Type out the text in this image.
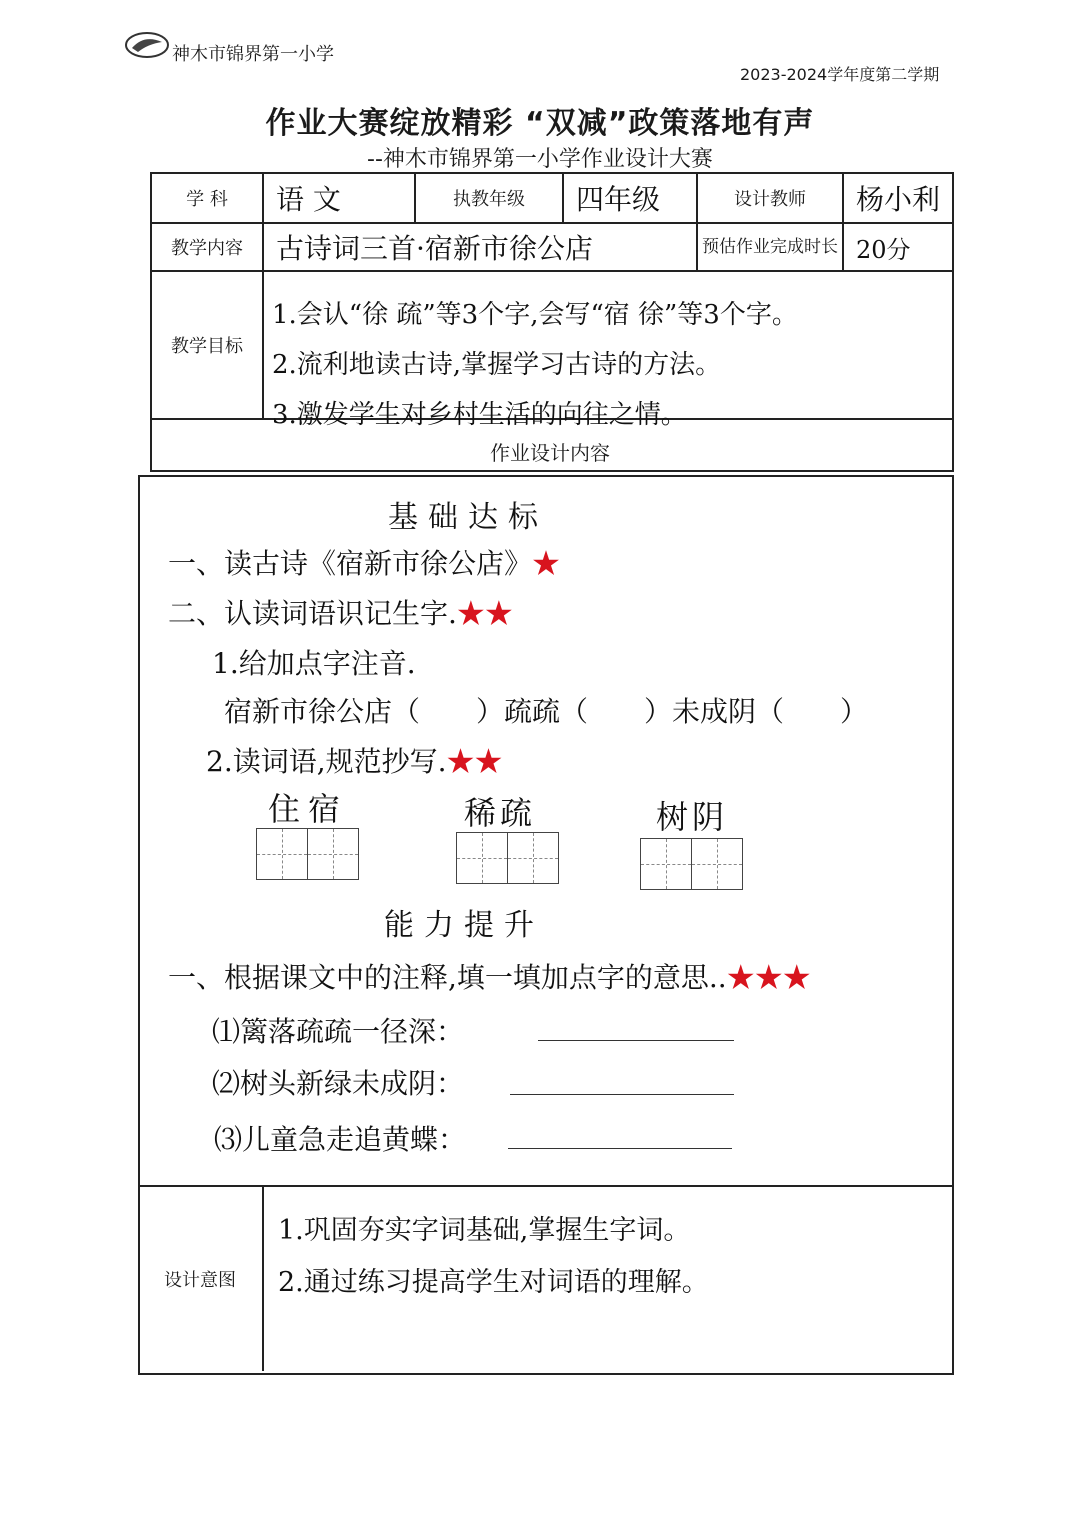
神木市锦界第一小学
2023-2024学年度第二学期
作业大赛绽放精彩 “双减”政策落地有声
--神木市锦界第一小学作业设计大赛
学 科	语 文	执教年级	四年级	设计教师	杨小利
教学内容	古诗词三首·宿新市徐公店			预估作业完成时长	20分
教学目标					

1.会认“徐 疏”等3个字,会写“宿 徐”等3个字。
2.流利地读古诗,掌握学习古诗的方法。
3.激发学生对乡村生活的向往之情。
作业设计内容
基础达标
一、读古诗《宿新市徐公店》★
二、认读词语识记生字.★★
1.给加点字注音.
宿新市徐公店（　　）疏疏（　　）未成阴（　　）
2.读词语,规范抄写.★★
住宿	稀疏	树阴
能力提升
一、根据课文中的注释,填一填加点字的意思..★★★
⑴篱落疏疏一径深：
⑵树头新绿未成阴：
⑶儿童急走追黄蝶：
设计意图
1.巩固夯实字词基础,掌握生字词。
2.通过练习提高学生对词语的理解。
